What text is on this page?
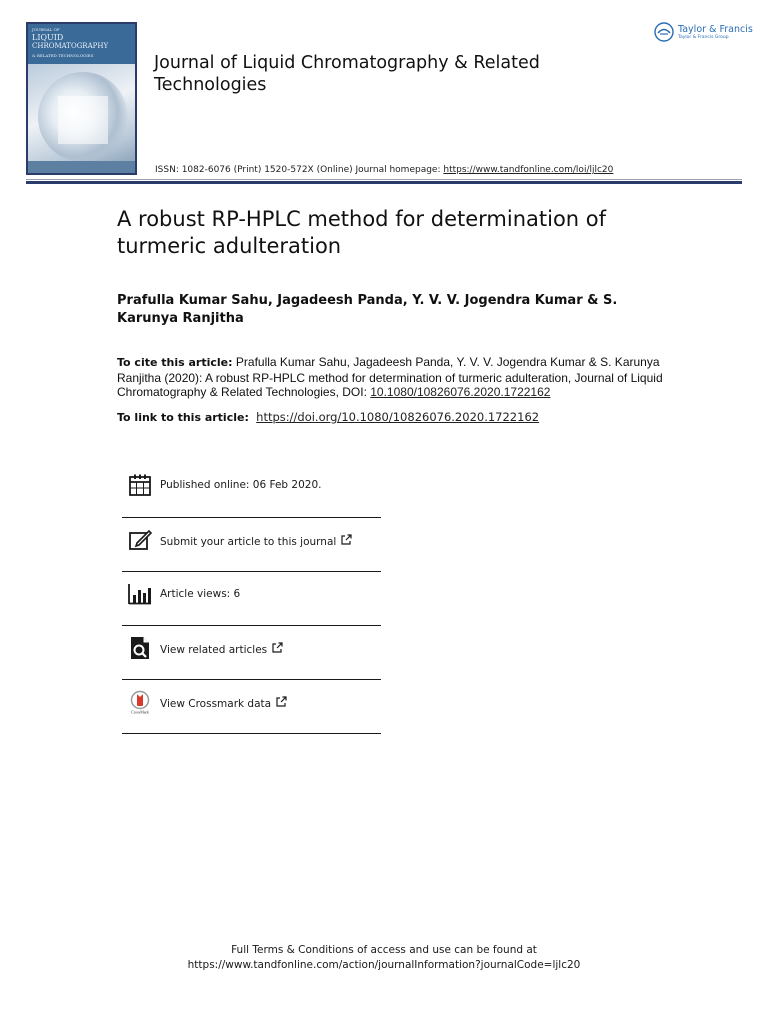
JOURNAL OF
LIQUID
CHROMATOGRAPHY
& RELATED TECHNOLOGIES	Journal of Liquid Chromatography & Related Technologies
Taylor & Francis
Taylor & Francis Group
ISSN: 1082-6076 (Print) 1520-572X (Online) Journal homepage: https://www.tandfonline.com/loi/ljlc20
A robust RP-HPLC method for determination of turmeric adulteration
Prafulla Kumar Sahu, Jagadeesh Panda, Y. V. V. Jogendra Kumar & S. Karunya Ranjitha
To cite this article: Prafulla Kumar Sahu, Jagadeesh Panda, Y. V. V. Jogendra Kumar & S. Karunya Ranjitha (2020): A robust RP-HPLC method for determination of turmeric adulteration, Journal of Liquid Chromatography & Related Technologies, DOI: 10.1080/10826076.2020.1722162
To link to this article: https://doi.org/10.1080/10826076.2020.1722162
Published online: 06 Feb 2020.
Submit your article to this journal
Article views: 6
View related articles
CrossMark
View Crossmark data
Full Terms & Conditions of access and use can be found at
https://www.tandfonline.com/action/journalInformation?journalCode=ljlc20
